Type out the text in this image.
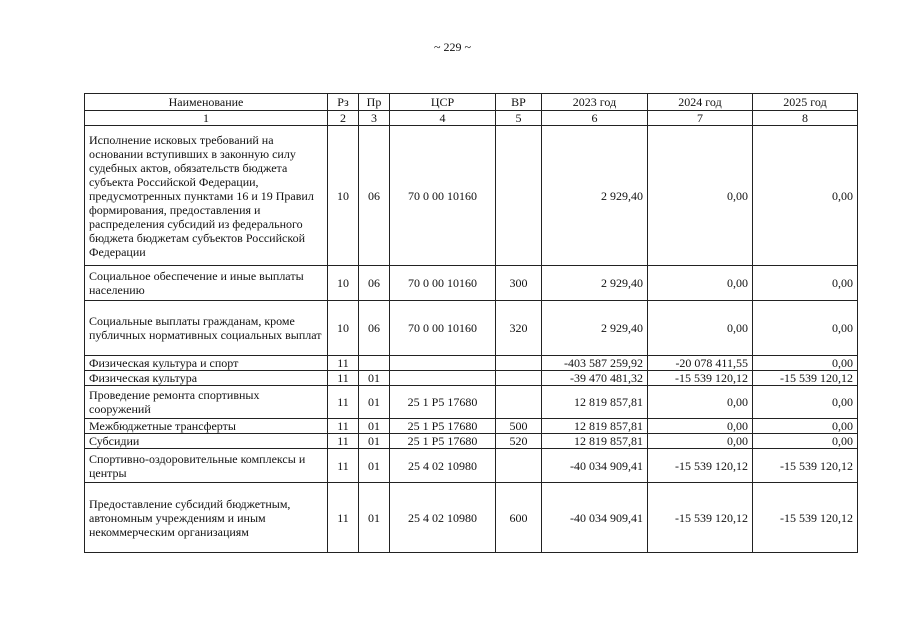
~ 229 ~
Наименование	Рз	Пр	ЦСР	ВР	2023 год	2024 год	2025 год
1	2	3	4	5	6	7	8
Исполнение исковых требований на основании вступивших в законную силу судебных актов, обязательств бюджета субъекта Российской Федерации, предусмотренных пунктами 16 и 19 Правил формирования, предоставления и распределения субсидий из федерального бюджета бюджетам субъектов Российской Федерации	10	06	70 0 00 10160		2 929,40	0,00	0,00
Социальное обеспечение и иные выплаты населению	10	06	70 0 00 10160	300	2 929,40	0,00	0,00
Социальные выплаты гражданам, кроме публичных нормативных социальных выплат	10	06	70 0 00 10160	320	2 929,40	0,00	0,00
Физическая культура и спорт	11				-403 587 259,92	-20 078 411,55	0,00
Физическая культура	11	01			-39 470 481,32	-15 539 120,12	-15 539 120,12
Проведение ремонта спортивных сооружений	11	01	25 1 P5 17680		12 819 857,81	0,00	0,00
Межбюджетные трансферты	11	01	25 1 P5 17680	500	12 819 857,81	0,00	0,00
Субсидии	11	01	25 1 P5 17680	520	12 819 857,81	0,00	0,00
Спортивно-оздоровительные комплексы и центры	11	01	25 4 02 10980		-40 034 909,41	-15 539 120,12	-15 539 120,12
Предоставление субсидий бюджетным, автономным учреждениям и иным некоммерческим организациям	11	01	25 4 02 10980	600	-40 034 909,41	-15 539 120,12	-15 539 120,12
